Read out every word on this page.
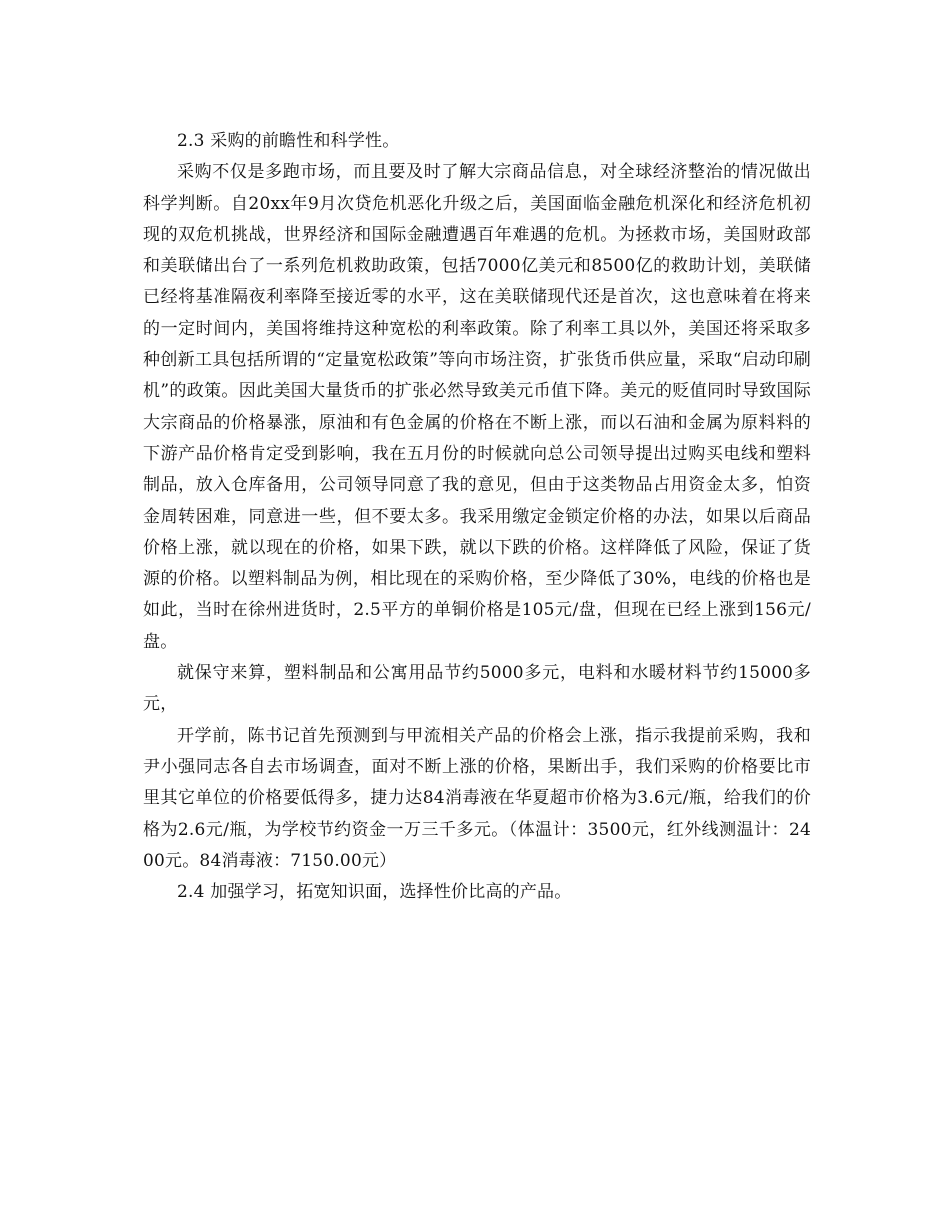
2.3 采购的前瞻性和科学性。

采购不仅是多跑市场，而且要及时了解大宗商品信息，对全球经济整治的情况做出科学判断。自20xx年9月次贷危机恶化升级之后，美国面临金融危机深化和经济危机初现的双危机挑战，世界经济和国际金融遭遇百年难遇的危机。为拯救市场，美国财政部和美联储出台了一系列危机救助政策，包括7000亿美元和8500亿的救助计划，美联储已经将基准隔夜利率降至接近零的水平，这在美联储现代还是首次，这也意味着在将来的一定时间内，美国将维持这种宽松的利率政策。除了利率工具以外，美国还将采取多种创新工具包括所谓的“定量宽松政策”等向市场注资，扩张货币供应量，采取“启动印刷机”的政策。因此美国大量货币的扩张必然导致美元币值下降。美元的贬值同时导致国际大宗商品的价格暴涨，原油和有色金属的价格在不断上涨，而以石油和金属为原料料的下游产品价格肯定受到影响，我在五月份的时候就向总公司领导提出过购买电线和塑料制品，放入仓库备用，公司领导同意了我的意见，但由于这类物品占用资金太多，怕资金周转困难，同意进一些，但不要太多。我采用缴定金锁定价格的办法，如果以后商品价格上涨，就以现在的价格，如果下跌，就以下跌的价格。这样降低了风险，保证了货源的价格。以塑料制品为例，相比现在的采购价格，至少降低了30%，电线的价格也是如此，当时在徐州进货时，2.5平方的单铜价格是105元/盘，但现在已经上涨到156元/盘。

就保守来算，塑料制品和公寓用品节约5000多元，电料和水暖材料节约15000多元，

开学前，陈书记首先预测到与甲流相关产品的价格会上涨，指示我提前采购，我和尹小强同志各自去市场调查，面对不断上涨的价格，果断出手，我们采购的价格要比市里其它单位的价格要低得多，捷力达84消毒液在华夏超市价格为3.6元/瓶，给我们的价格为2.6元/瓶，为学校节约资金一万三千多元。（体温计：3500元，红外线测温计：2400元。84消毒液：7150.00元）

2.4 加强学习，拓宽知识面，选择性价比高的产品。
